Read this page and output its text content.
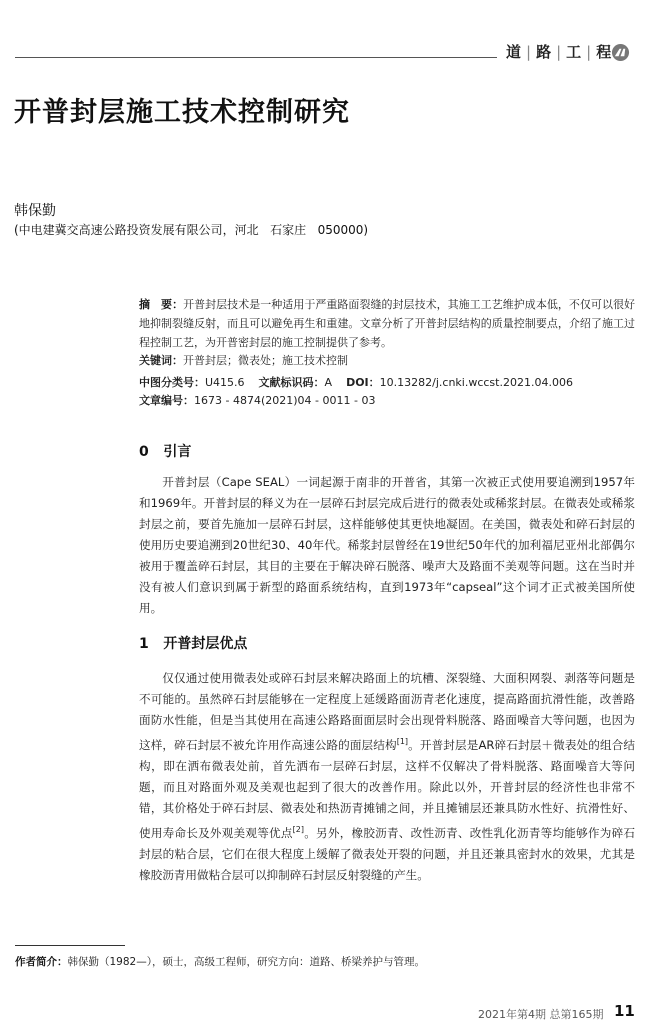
道 | 路 | 工 | 程
开普封层施工技术控制研究
韩保勤
(中电建冀交高速公路投资发展有限公司，河北   石家庄   050000)
摘　要：开普封层技术是一种适用于严重路面裂缝的封层技术，其施工工艺维护成本低，不仅可以很好地抑制裂缝反射，而且可以避免再生和重建。文章分析了开普封层结构的质量控制要点，介绍了施工过程控制工艺，为开普密封层的施工控制提供了参考。
关键词：开普封层；微表处；施工技术控制
中图分类号：U415.6 文献标识码：A DOI：10.13282/j.cnki.wccst.2021.04.006
文章编号：1673 - 4874(2021)04 - 0011 - 03
0   引言
开普封层（Cape SEAL）一词起源于南非的开普省，其第一次被正式使用要追溯到1957年和1969年。开普封层的释义为在一层碎石封层完成后进行的微表处或稀浆封层。在微表处或稀浆封层之前，要首先施加一层碎石封层，这样能够使其更快地凝固。在美国，微表处和碎石封层的使用历史要追溯到20世纪30、40年代。稀浆封层曾经在19世纪50年代的加利福尼亚州北部偶尔被用于覆盖碎石封层，其目的主要在于解决碎石脱落、噪声大及路面不美观等问题。这在当时并没有被人们意识到属于新型的路面系统结构，直到1973年“capseal”这个词才正式被美国所使用。
1   开普封层优点
仅仅通过使用微表处或碎石封层来解决路面上的坑槽、深裂缝、大面积网裂、剥落等问题是不可能的。虽然碎石封层能够在一定程度上延缓路面沥青老化速度，提高路面抗滑性能，改善路面防水性能，但是当其使用在高速公路路面面层时会出现骨料脱落、路面噪音大等问题，也因为这样，碎石封层不被允许用作高速公路的面层结构[1]。开普封层是AR碎石封层＋微表处的组合结构，即在洒布微表处前，首先洒布一层碎石封层，这样不仅解决了骨料脱落、路面噪音大等问题，而且对路面外观及美观也起到了很大的改善作用。除此以外，开普封层的经济性也非常不错，其价格处于碎石封层、微表处和热沥青摊铺之间，并且摊铺层还兼具防水性好、抗滑性好、使用寿命长及外观美观等优点[2]。另外，橡胶沥青、改性沥青、改性乳化沥青等均能够作为碎石封层的粘合层，它们在很大程度上缓解了微表处开裂的问题，并且还兼具密封水的效果，尤其是橡胶沥青用做粘合层可以抑制碎石封层反射裂缝的产生。
作者简介：韩保勤（1982—），硕士，高级工程师，研究方向：道路、桥梁养护与管理。
2021年第4期 总第165期 11
